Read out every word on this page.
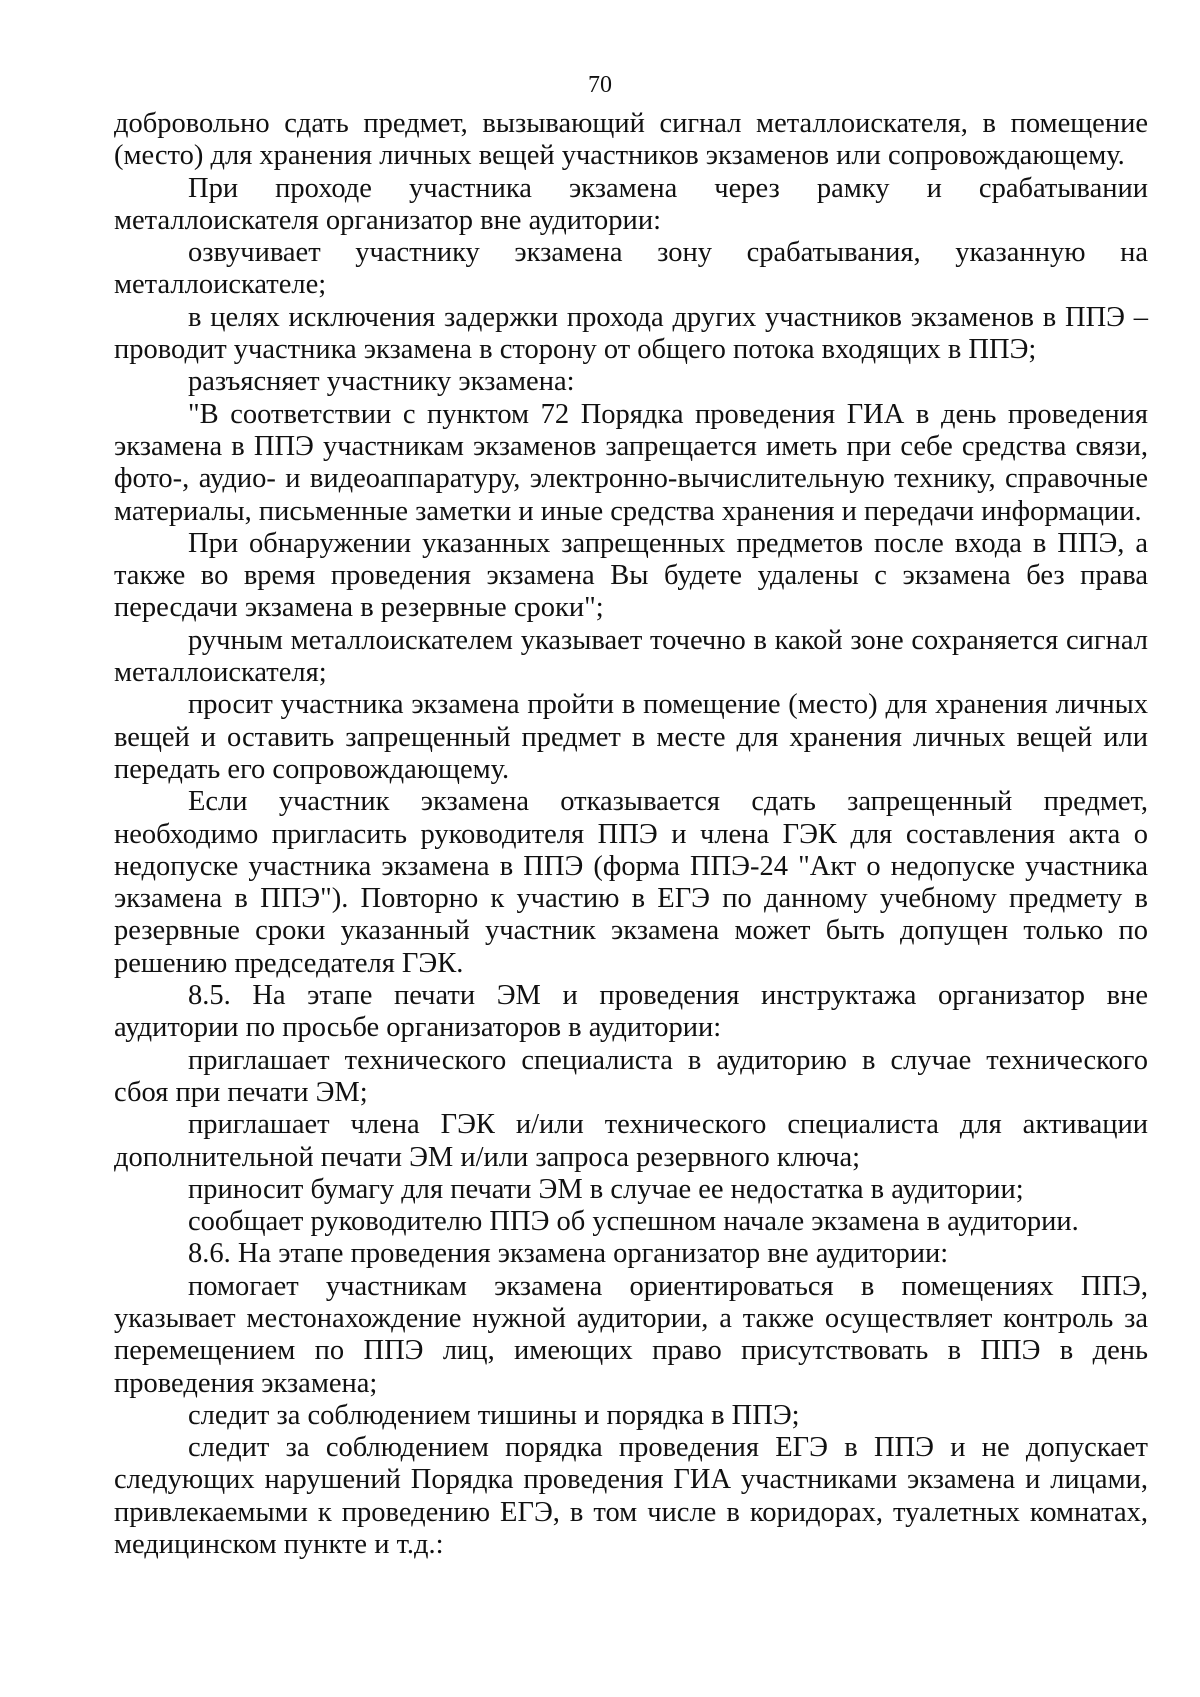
70

добровольно сдать предмет, вызывающий сигнал металлоискателя, в помещение (место) для хранения личных вещей участников экзаменов или сопровождающему.

При проходе участника экзамена через рамку и срабатывании металлоискателя организатор вне аудитории:

озвучивает участнику экзамена зону срабатывания, указанную на металлоискателе;

в целях исключения задержки прохода других участников экзаменов в ППЭ – проводит участника экзамена в сторону от общего потока входящих в ППЭ;

разъясняет участнику экзамена:

"В соответствии с пунктом 72 Порядка проведения ГИА в день проведения экзамена в ППЭ участникам экзаменов запрещается иметь при себе средства связи, фото-, аудио- и видеоаппаратуру, электронно-вычислительную технику, справочные материалы, письменные заметки и иные средства хранения и передачи информации.

При обнаружении указанных запрещенных предметов после входа в ППЭ, а также во время проведения экзамена Вы будете удалены с экзамена без права пересдачи экзамена в резервные сроки";

ручным металлоискателем указывает точечно в какой зоне сохраняется сигнал металлоискателя;

просит участника экзамена пройти в помещение (место) для хранения личных вещей и оставить запрещенный предмет в месте для хранения личных вещей или передать его сопровождающему.

Если участник экзамена отказывается сдать запрещенный предмет, необходимо пригласить руководителя ППЭ и члена ГЭК для составления акта о недопуске участника экзамена в ППЭ (форма ППЭ-24 "Акт о недопуске участника экзамена в ППЭ"). Повторно к участию в ЕГЭ по данному учебному предмету в резервные сроки указанный участник экзамена может быть допущен только по решению председателя ГЭК.

8.5. На этапе печати ЭМ и проведения инструктажа организатор вне аудитории по просьбе организаторов в аудитории:

приглашает технического специалиста в аудиторию в случае технического сбоя при печати ЭМ;

приглашает члена ГЭК и/или технического специалиста для активации дополнительной печати ЭМ и/или запроса резервного ключа;

приносит бумагу для печати ЭМ в случае ее недостатка в аудитории;

сообщает руководителю ППЭ об успешном начале экзамена в аудитории.

8.6. На этапе проведения экзамена организатор вне аудитории:

помогает участникам экзамена ориентироваться в помещениях ППЭ, указывает местонахождение нужной аудитории, а также осуществляет контроль за перемещением по ППЭ лиц, имеющих право присутствовать в ППЭ в день проведения экзамена;

следит за соблюдением тишины и порядка в ППЭ;

следит за соблюдением порядка проведения ЕГЭ в ППЭ и не допускает следующих нарушений Порядка проведения ГИА участниками экзамена и лицами, привлекаемыми к проведению ЕГЭ, в том числе в коридорах, туалетных комнатах, медицинском пункте и т.д.:
